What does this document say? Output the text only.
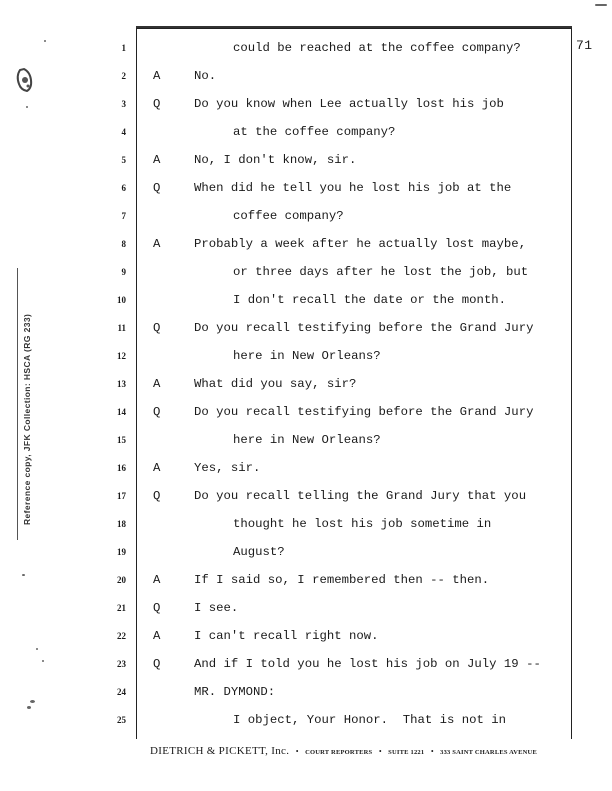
71
1	could be reached at the coffee company?
2 A	No.
3 Q	Do you know when Lee actually lost his job
4	at the coffee company?
5 A	No, I don't know, sir.
6 Q	When did he tell you he lost his job at the
7	coffee company?
8 A	Probably a week after he actually lost maybe,
9	or three days after he lost the job, but
10	I don't recall the date or the month.
11 Q	Do you recall testifying before the Grand Jury
12	here in New Orleans?
13 A	What did you say, sir?
14 Q	Do you recall testifying before the Grand Jury
15	here in New Orleans?
16 A	Yes, sir.
17 Q	Do you recall telling the Grand Jury that you
18	thought he lost his job sometime in
19	August?
20 A	If I said so, I remembered then -- then.
21 Q	I see.
22 A	I can't recall right now.
23 Q	And if I told you he lost his job on July 19 --
24	MR. DYMOND:
25	I object, Your Honor.  That is not in
DIETRICH & PICKETT, Inc. • COURT REPORTERS • SUITE 1221 • 333 SAINT CHARLES AVENUE
Reference copy, JFK Collection: HSCA (RG 233)
